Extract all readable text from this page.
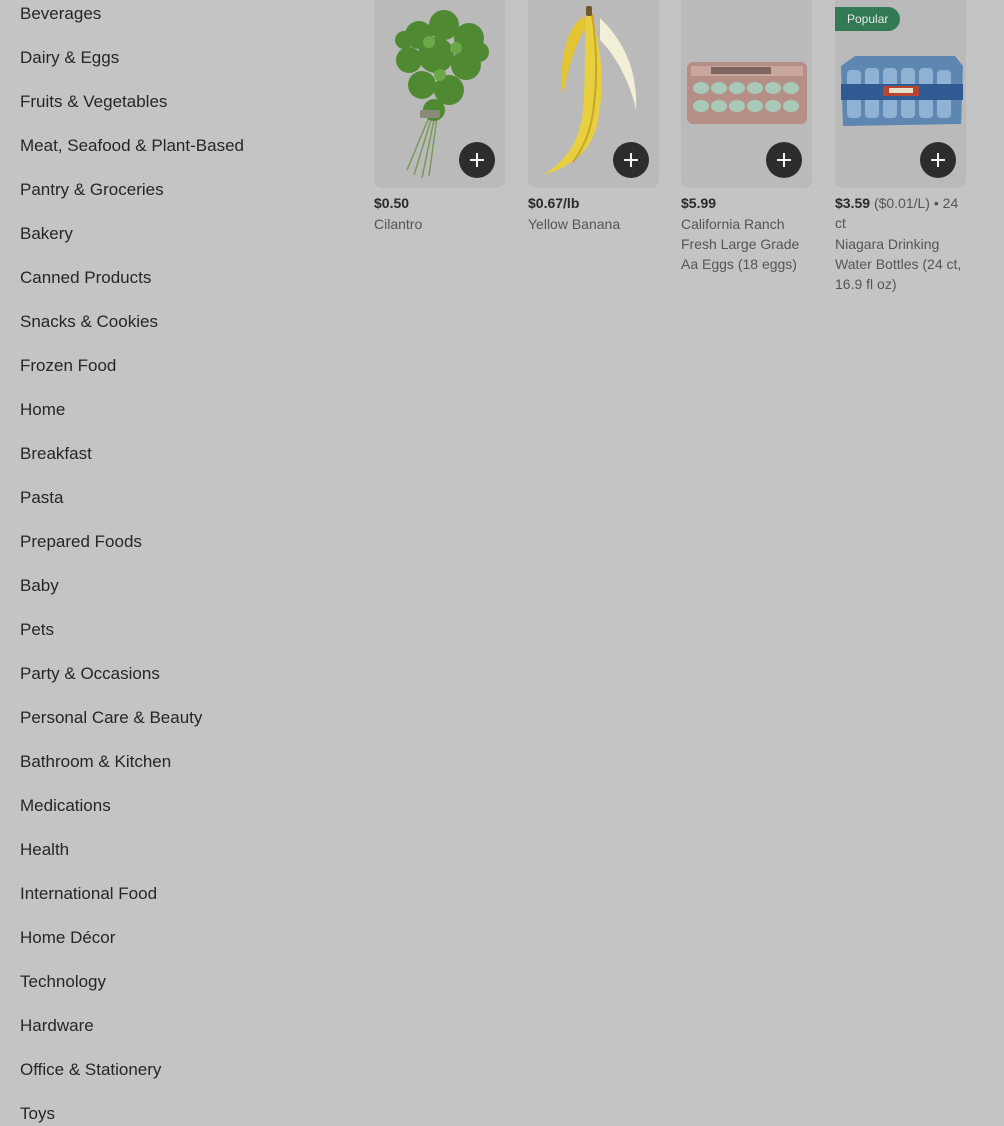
Beverages
Dairy & Eggs
Fruits & Vegetables
Meat, Seafood & Plant-Based
Pantry & Groceries
Bakery
Canned Products
Snacks & Cookies
Frozen Food
Home
Breakfast
Pasta
Prepared Foods
Baby
Pets
Party & Occasions
Personal Care & Beauty
Bathroom & Kitchen
Medications
Health
International Food
Home Décor
Technology
Hardware
Office & Stationery
Toys
$0.50
Cilantro
$0.67/lb
Yellow Banana
$5.99
California Ranch Fresh Large Grade Aa Eggs (18 eggs)
Popular
$3.59 ($0.01/L) • 24 ct
Niagara Drinking Water Bottles (24 ct, 16.9 fl oz)
